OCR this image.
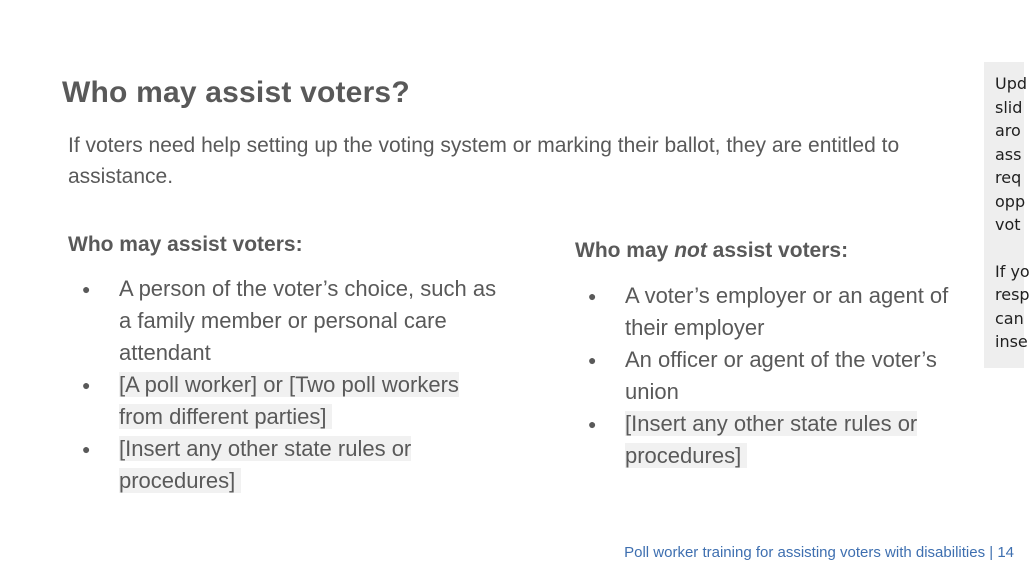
Who may assist voters?

If voters need help setting up the voting system or marking their ballot, they are entitled to assistance.

Who may assist voters:
● A person of the voter’s choice, such as a family member or personal care attendant
● [A poll worker] or [Two poll workers from different parties]
● [Insert any other state rules or procedures]
Who may not assist voters:
● A voter’s employer or an agent of their employer
● An officer or agent of the voter’s union
● [Insert any other state rules or procedures]

Upd
slid
aro
ass
req
opp
vot

If yo
resp
can
inse

Poll worker training for assisting voters with disabilities | 14
